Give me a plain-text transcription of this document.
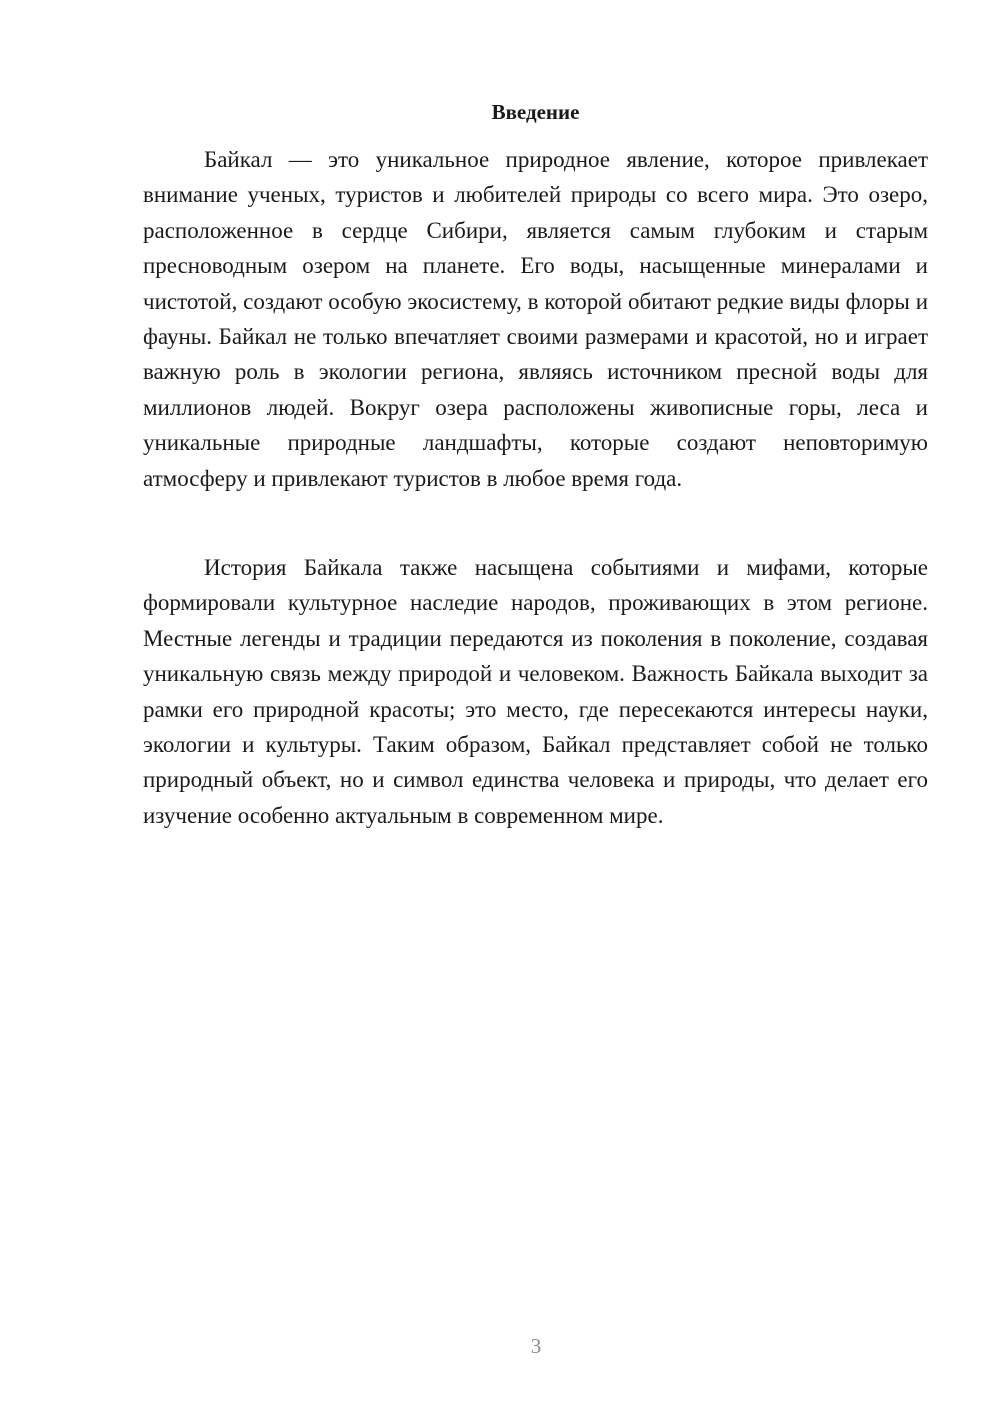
Введение

Байкал — это уникальное природное явление, которое привлекает внимание ученых, туристов и любителей природы со всего мира. Это озеро, расположенное в сердце Сибири, является самым глубоким и старым пресноводным озером на планете. Его воды, насыщенные минералами и чистотой, создают особую экосистему, в которой обитают редкие виды флоры и фауны. Байкал не только впечатляет своими размерами и красотой, но и играет важную роль в экологии региона, являясь источником пресной воды для миллионов людей. Вокруг озера расположены живописные горы, леса и уникальные природные ландшафты, которые создают неповторимую атмосферу и привлекают туристов в любое время года.

История Байкала также насыщена событиями и мифами, которые формировали культурное наследие народов, проживающих в этом регионе. Местные легенды и традиции передаются из поколения в поколение, создавая уникальную связь между природой и человеком. Важность Байкала выходит за рамки его природной красоты; это место, где пересекаются интересы науки, экологии и культуры. Таким образом, Байкал представляет собой не только природный объект, но и символ единства человека и природы, что делает его изучение особенно актуальным в современном мире.

3
